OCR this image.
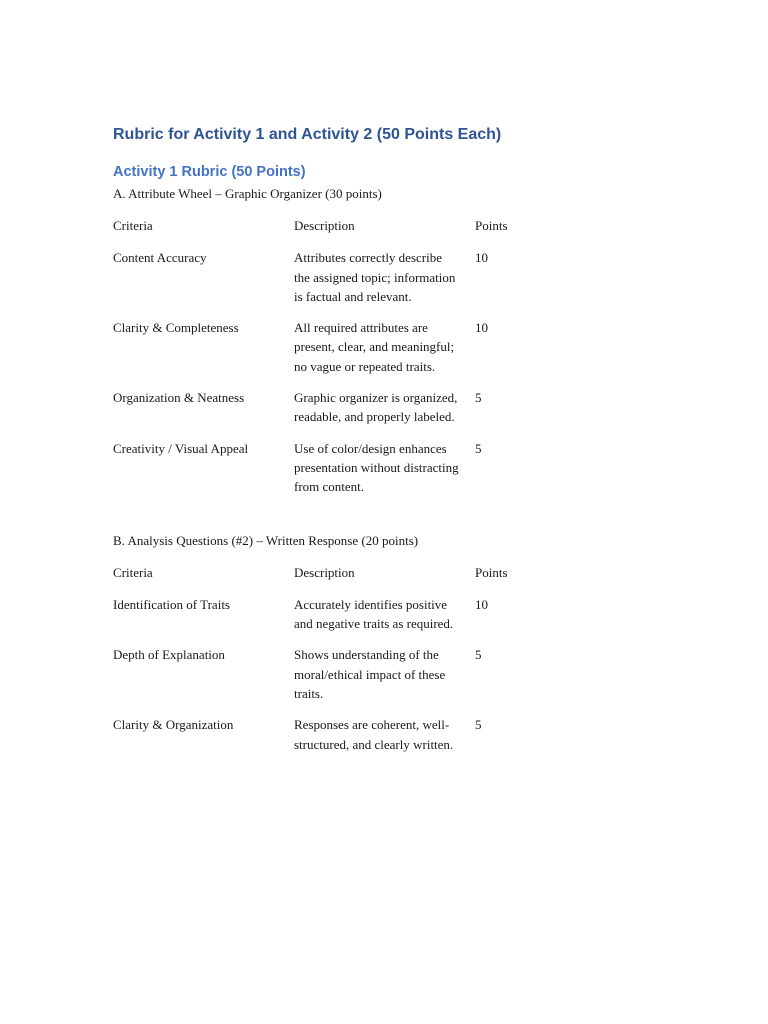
Rubric for Activity 1 and Activity 2 (50 Points Each)
Activity 1 Rubric (50 Points)

A. Attribute Wheel – Graphic Organizer (30 points)

Criteria	Description	Points
Content Accuracy	Attributes correctly describe the assigned topic; information is factual and relevant.	10
Clarity & Completeness	All required attributes are present, clear, and meaningful; no vague or repeated traits.	10
Organization & Neatness	Graphic organizer is organized, readable, and properly labeled.	5
Creativity / Visual Appeal	Use of color/design enhances presentation without distracting from content.	5

B. Analysis Questions (#2) – Written Response (20 points)

Criteria	Description	Points
Identification of Traits	Accurately identifies positive and negative traits as required.	10
Depth of Explanation	Shows understanding of the moral/ethical impact of these traits.	5
Clarity & Organization	Responses are coherent, well-structured, and clearly written.	5
